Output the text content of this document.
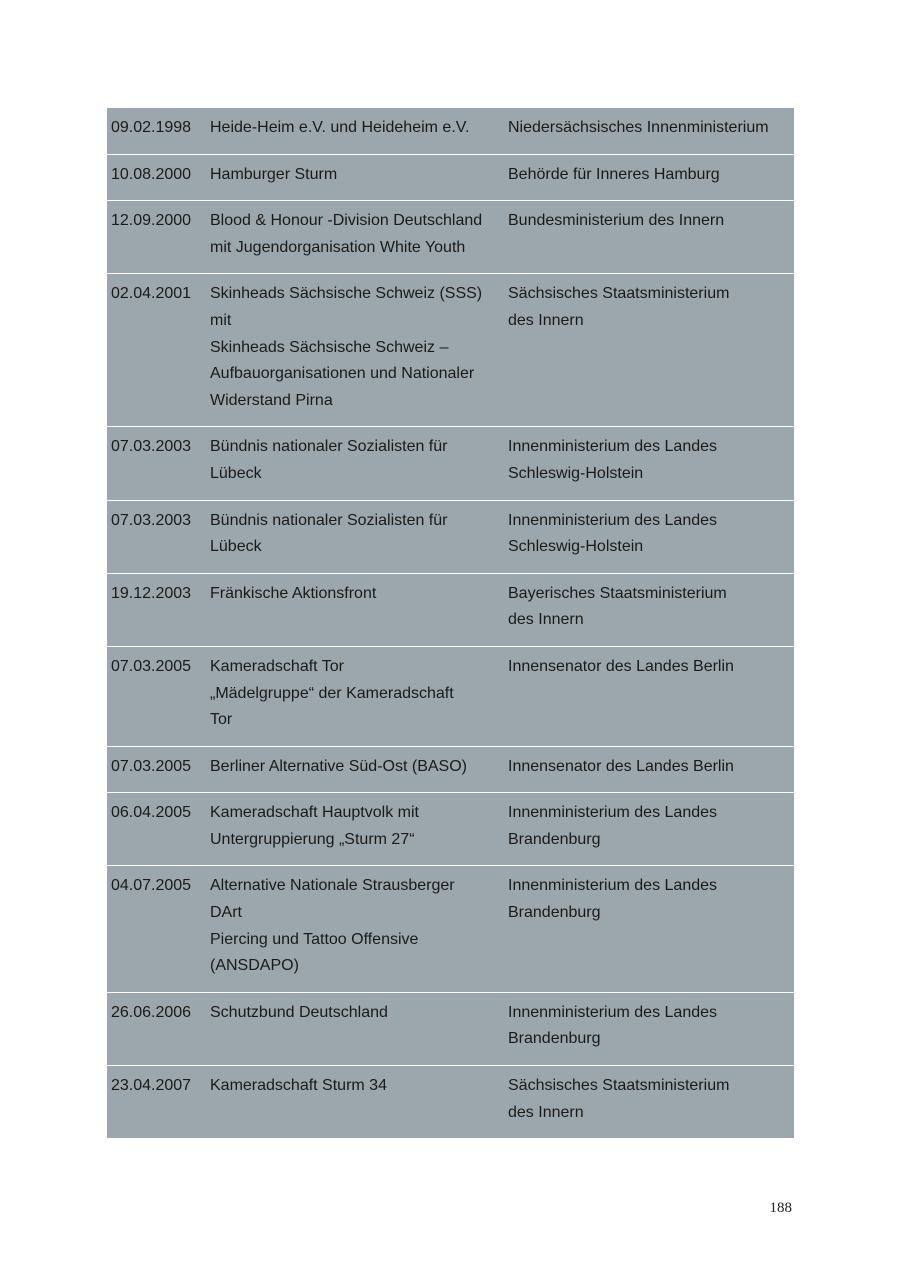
09.02.1998	Heide-Heim e.V. und Heideheim e.V.	Niedersächsisches Innenministerium

10.08.2000	Hamburger Sturm	Behörde für Inneres Hamburg

12.09.2000	Blood & Honour -Division Deutschland
mit Jugendorganisation White Youth	Bundesministerium des Innern

02.04.2001	Skinheads Sächsische Schweiz (SSS)
mit
Skinheads Sächsische Schweiz –
Aufbauorganisationen und Nationaler
Widerstand Pirna	Sächsisches Staatsministerium
des Innern

07.03.2003	Bündnis nationaler Sozialisten für
Lübeck	Innenministerium des Landes
Schleswig-Holstein

07.03.2003	Bündnis nationaler Sozialisten für
Lübeck	Innenministerium des Landes
Schleswig-Holstein

19.12.2003	Fränkische Aktionsfront	Bayerisches Staatsministerium
des Innern

07.03.2005	Kameradschaft Tor
„Mädelgruppe“ der Kameradschaft
Tor	Innensenator des Landes Berlin

07.03.2005	Berliner Alternative Süd-Ost (BASO)	Innensenator des Landes Berlin

06.04.2005	Kameradschaft Hauptvolk mit
Untergruppierung „Sturm 27“	Innenministerium des Landes
Brandenburg

04.07.2005	Alternative Nationale Strausberger
DArt
Piercing und Tattoo Offensive
(ANSDAPO)	Innenministerium des Landes
Brandenburg

26.06.2006	Schutzbund Deutschland	Innenministerium des Landes
Brandenburg

23.04.2007	Kameradschaft Sturm 34	Sächsisches Staatsministerium
des Innern
188
